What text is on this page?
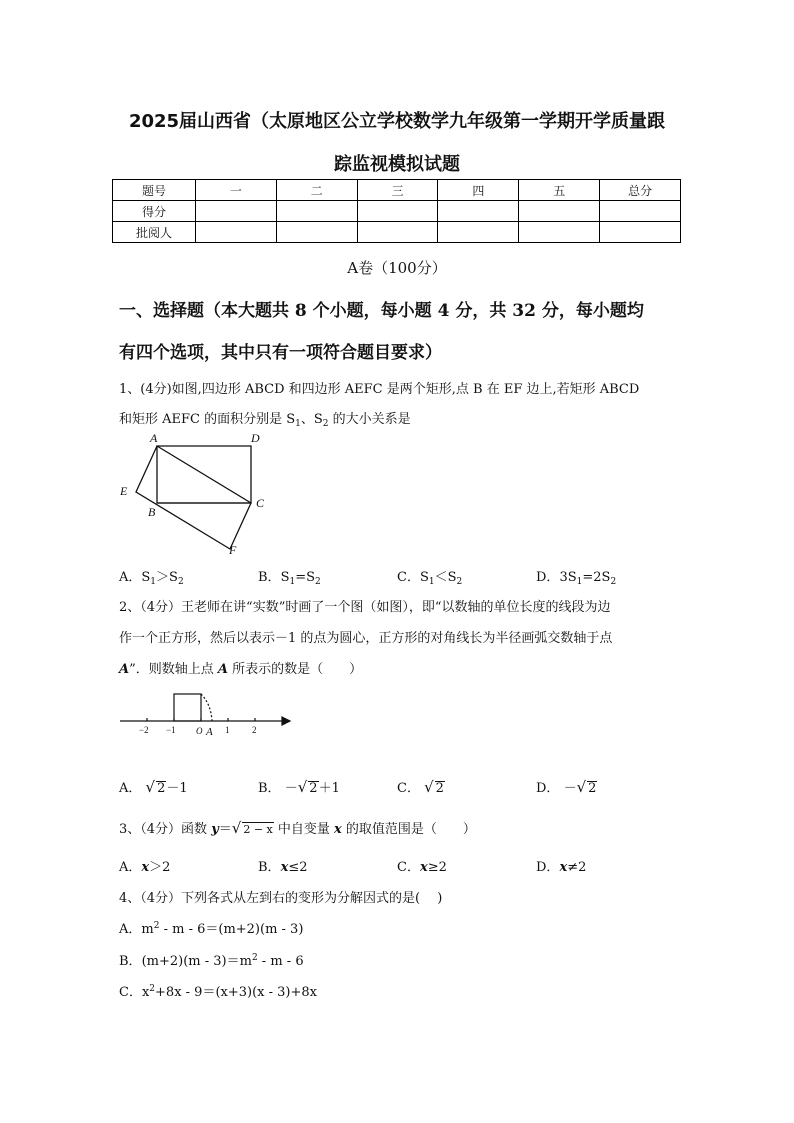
2025届山西省（太原地区公立学校数学九年级第一学期开学质量跟
踪监视模拟试题
题号	一	二	三	四	五	总分
得分						
批阅人						
A卷（100分）
一、选择题（本大题共 8 个小题，每小题 4 分，共 32 分，每小题均
有四个选项，其中只有一项符合题目要求）
1、(4分)如图,四边形 ABCD 和四边形 AEFC 是两个矩形,点 B 在 EF 边上,若矩形 ABCD
和矩形 AEFC 的面积分别是 $S_1$、$S_2$ 的大小关系是
A	D
E
B
C
F
A．$S_1>S_2$	B．$S_1=S_2$	C．$S_1<S_2$	D．$3S_1=2S_2$
2、（4分）王老师在讲“实数”时画了一个图（如图），即“以数轴的单位长度的线段为边
作一个正方形，然后以表示－1 的点为圆心，正方形的对角线长为半径画弧交数轴于点
A”．则数轴上点 A 所表示的数是（　　）
−2 −1 O A 1	2
A． √ 2－1	B． －√ 2＋1	C． √ 2	D． －√ 2
3、（4分）函数 y＝√ 2 − x 中自变量 x 的取值范围是（　　）
A．x＞2	B．x≤2	C．x≥2	D．x≠2
4、（4分）下列各式从左到右的变形为分解因式的是(　 )
A．$m^2 - m - 6=(m+2)(m - 3)$
B．$(m+2)(m - 3)=m^2 - m - 6$
C．$x^2+8x - 9=(x+3)(x - 3)+8x$
